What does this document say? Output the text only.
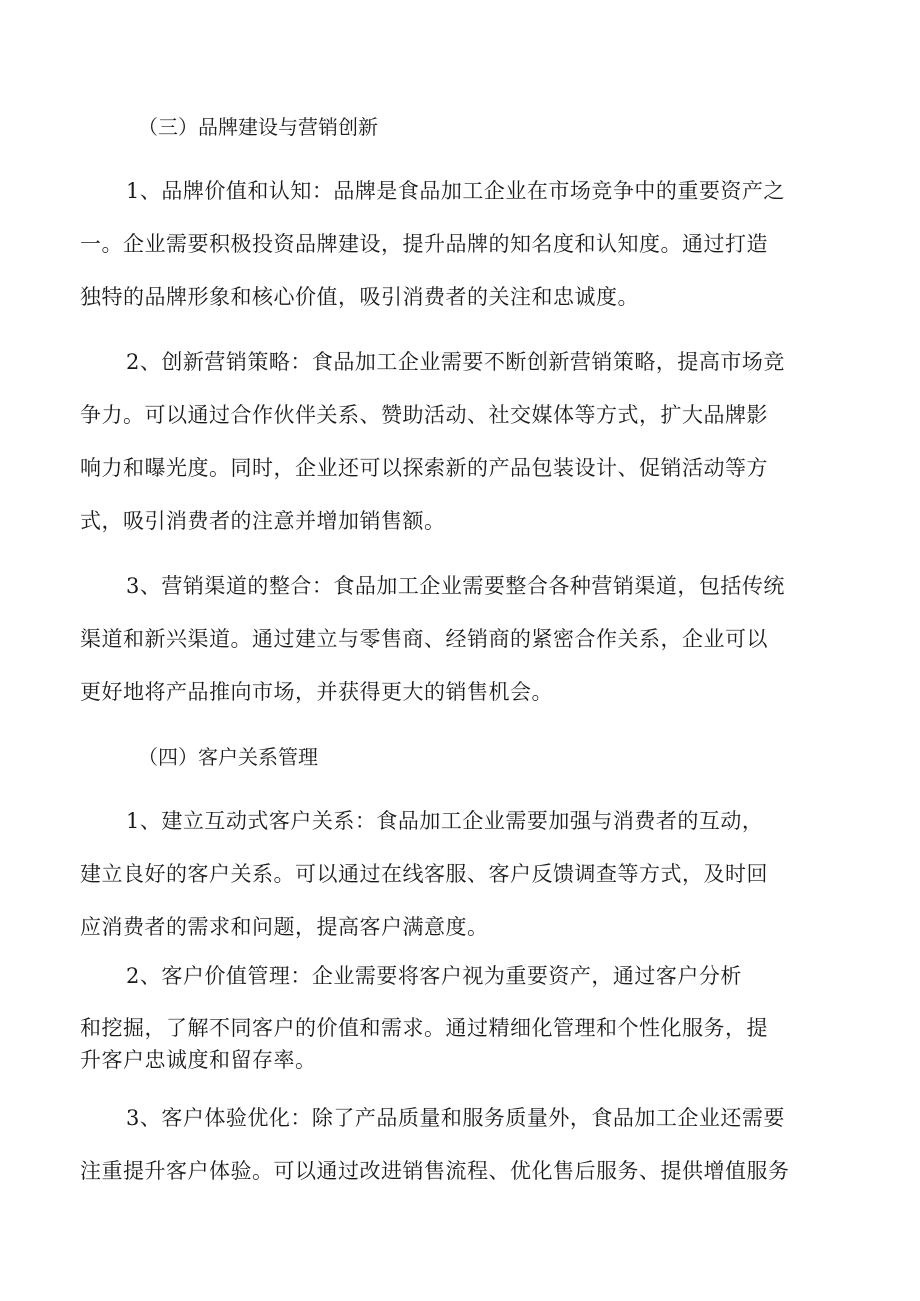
（三）品牌建设与营销创新
1、品牌价值和认知：品牌是食品加工企业在市场竞争中的重要资产之
一。企业需要积极投资品牌建设，提升品牌的知名度和认知度。通过打造
独特的品牌形象和核心价值，吸引消费者的关注和忠诚度。
2、创新营销策略：食品加工企业需要不断创新营销策略，提高市场竞
争力。可以通过合作伙伴关系、赞助活动、社交媒体等方式，扩大品牌影
响力和曝光度。同时，企业还可以探索新的产品包装设计、促销活动等方
式，吸引消费者的注意并增加销售额。
3、营销渠道的整合：食品加工企业需要整合各种营销渠道，包括传统
渠道和新兴渠道。通过建立与零售商、经销商的紧密合作关系，企业可以
更好地将产品推向市场，并获得更大的销售机会。
（四）客户关系管理
1、建立互动式客户关系：食品加工企业需要加强与消费者的互动，
建立良好的客户关系。可以通过在线客服、客户反馈调查等方式，及时回
应消费者的需求和问题，提高客户满意度。
2、客户价值管理：企业需要将客户视为重要资产，通过客户分析
和挖掘，了解不同客户的价值和需求。通过精细化管理和个性化服务，提
升客户忠诚度和留存率。
3、客户体验优化：除了产品质量和服务质量外，食品加工企业还需要
注重提升客户体验。可以通过改进销售流程、优化售后服务、提供增值服务
